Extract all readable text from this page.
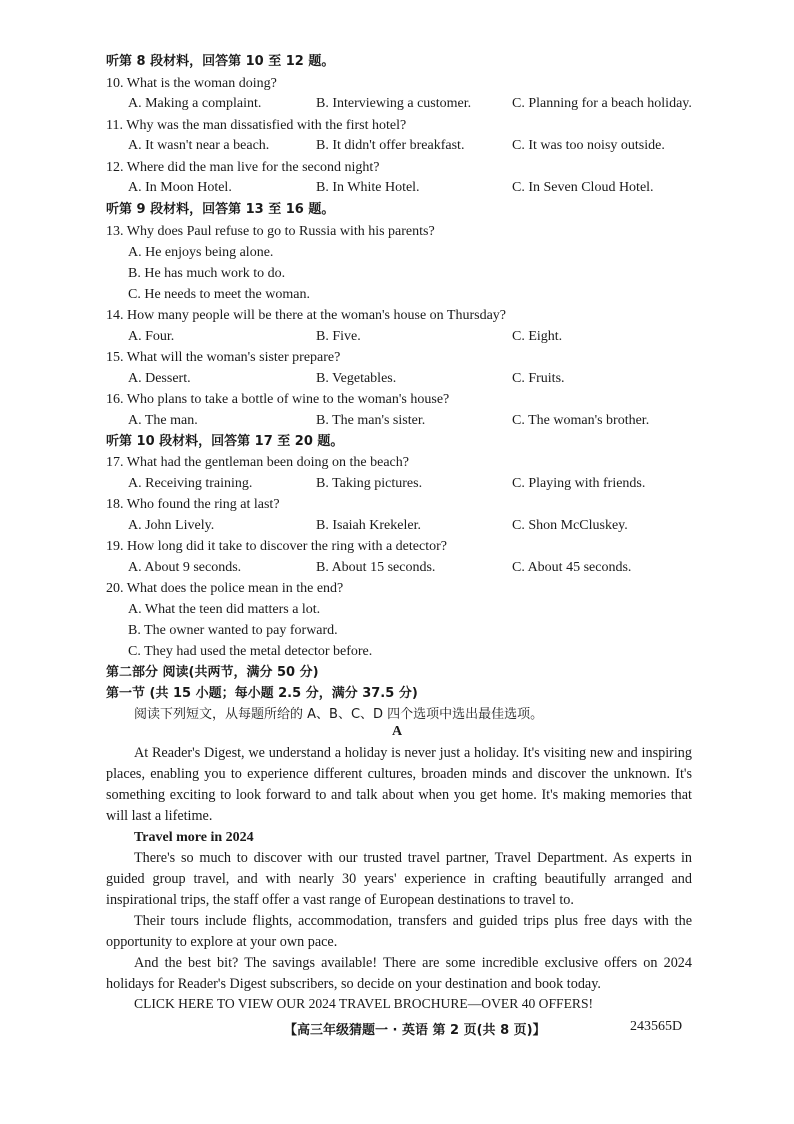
听第 8 段材料，回答第 10 至 12 题。
10. What is the woman doing?
A. Making a complaint.	B. Interviewing a customer.	C. Planning for a beach holiday.
11. Why was the man dissatisfied with the first hotel?
A. It wasn't near a beach.	B. It didn't offer breakfast.	C. It was too noisy outside.
12. Where did the man live for the second night?
A. In Moon Hotel.	B. In White Hotel.	C. In Seven Cloud Hotel.
听第 9 段材料，回答第 13 至 16 题。
13. Why does Paul refuse to go to Russia with his parents?
A. He enjoys being alone.
B. He has much work to do.
C. He needs to meet the woman.
14. How many people will be there at the woman's house on Thursday?
A. Four.	B. Five.	C. Eight.
15. What will the woman's sister prepare?
A. Dessert.	B. Vegetables.	C. Fruits.
16. Who plans to take a bottle of wine to the woman's house?
A. The man.	B. The man's sister.	C. The woman's brother.
听第 10 段材料，回答第 17 至 20 题。
17. What had the gentleman been doing on the beach?
A. Receiving training.	B. Taking pictures.	C. Playing with friends.
18. Who found the ring at last?
A. John Lively.	B. Isaiah Krekeler.	C. Shon McCluskey.
19. How long did it take to discover the ring with a detector?
A. About 9 seconds.	B. About 15 seconds.	C. About 45 seconds.
20. What does the police mean in the end?
A. What the teen did matters a lot.
B. The owner wanted to pay forward.
C. They had used the metal detector before.
第二部分 阅读(共两节，满分 50 分)
第一节 (共 15 小题；每小题 2.5 分，满分 37.5 分)
阅读下列短文，从每题所给的 A、B、C、D 四个选项中选出最佳选项。
A
At Reader's Digest, we understand a holiday is never just a holiday. It's visiting new and inspiring places, enabling you to experience different cultures, broaden minds and discover the unknown. It's something exciting to look forward to and talk about when you get home. It's making memories that will last a lifetime.
Travel more in 2024
There's so much to discover with our trusted travel partner, Travel Department. As experts in guided group travel, and with nearly 30 years' experience in crafting beautifully arranged and inspirational trips, the staff offer a vast range of European destinations to travel to.
Their tours include flights, accommodation, transfers and guided trips plus free days with the opportunity to explore at your own pace.
And the best bit? The savings available! There are some incredible exclusive offers on 2024 holidays for Reader's Digest subscribers, so decide on your destination and book today.
CLICK HERE TO VIEW OUR 2024 TRAVEL BROCHURE—OVER 40 OFFERS!
【高三年级猜题一 · 英语 第 2 页(共 8 页)】	243565D
